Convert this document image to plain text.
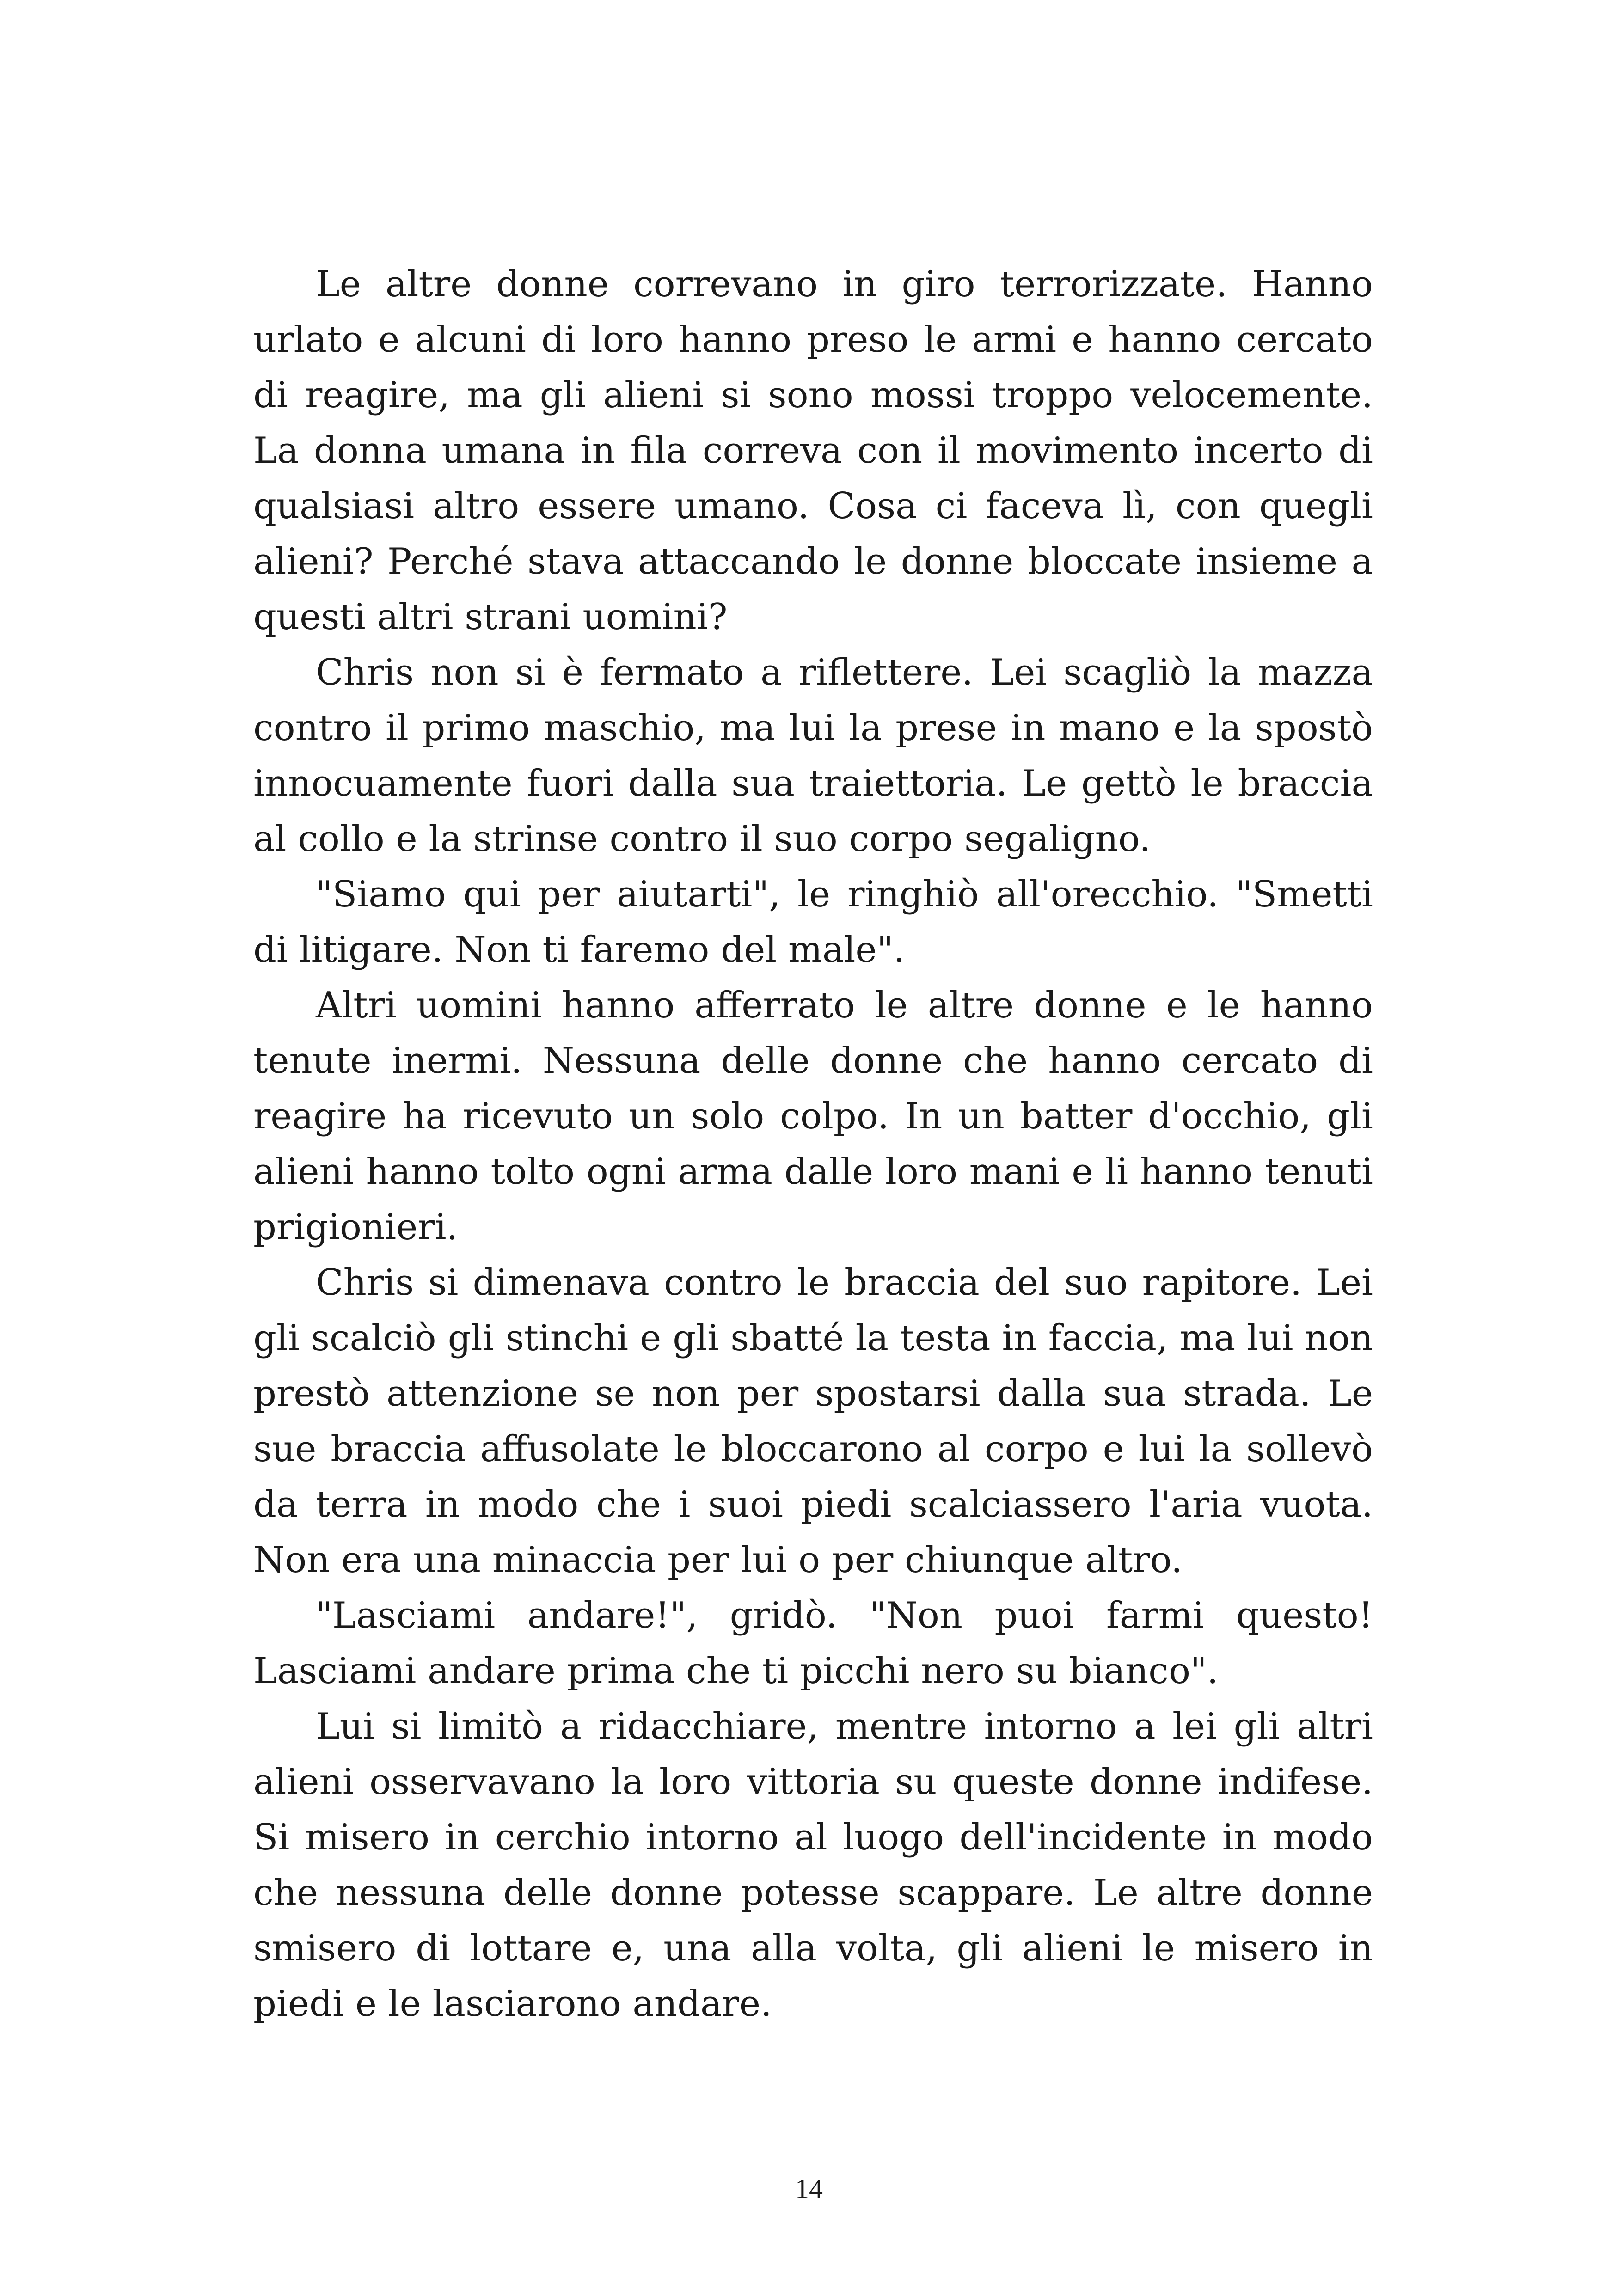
Le altre donne correvano in giro terrorizzate. Hanno urlato e alcuni di loro hanno preso le armi e hanno cercato di reagire, ma gli alieni si sono mossi troppo velocemente. La donna umana in fila correva con il movimento incerto di qualsiasi altro essere umano. Cosa ci faceva lì, con quegli alieni? Perché stava attaccando le donne bloccate insieme a questi altri strani uomini?

Chris non si è fermato a riflettere. Lei scagliò la mazza contro il primo maschio, ma lui la prese in mano e la spostò innocuamente fuori dalla sua traiettoria. Le gettò le braccia al collo e la strinse contro il suo corpo segaligno.

"Siamo qui per aiutarti", le ringhiò all'orecchio. "Smetti di litigare. Non ti faremo del male".

Altri uomini hanno afferrato le altre donne e le hanno tenute inermi. Nessuna delle donne che hanno cercato di reagire ha ricevuto un solo colpo. In un batter d'occhio, gli alieni hanno tolto ogni arma dalle loro mani e li hanno tenuti prigionieri.

Chris si dimenava contro le braccia del suo rapitore. Lei gli scalciò gli stinchi e gli sbatté la testa in faccia, ma lui non prestò attenzione se non per spostarsi dalla sua strada. Le sue braccia affusolate le bloccarono al corpo e lui la sollevò da terra in modo che i suoi piedi scalciassero l'aria vuota. Non era una minaccia per lui o per chiunque altro.

"Lasciami andare!", gridò. "Non puoi farmi questo! Lasciami andare prima che ti picchi nero su bianco".

Lui si limitò a ridacchiare, mentre intorno a lei gli altri alieni osservavano la loro vittoria su queste donne indifese. Si misero in cerchio intorno al luogo dell'incidente in modo che nessuna delle donne potesse scappare. Le altre donne smisero di lottare e, una alla volta, gli alieni le misero in piedi e le lasciarono andare.

14
